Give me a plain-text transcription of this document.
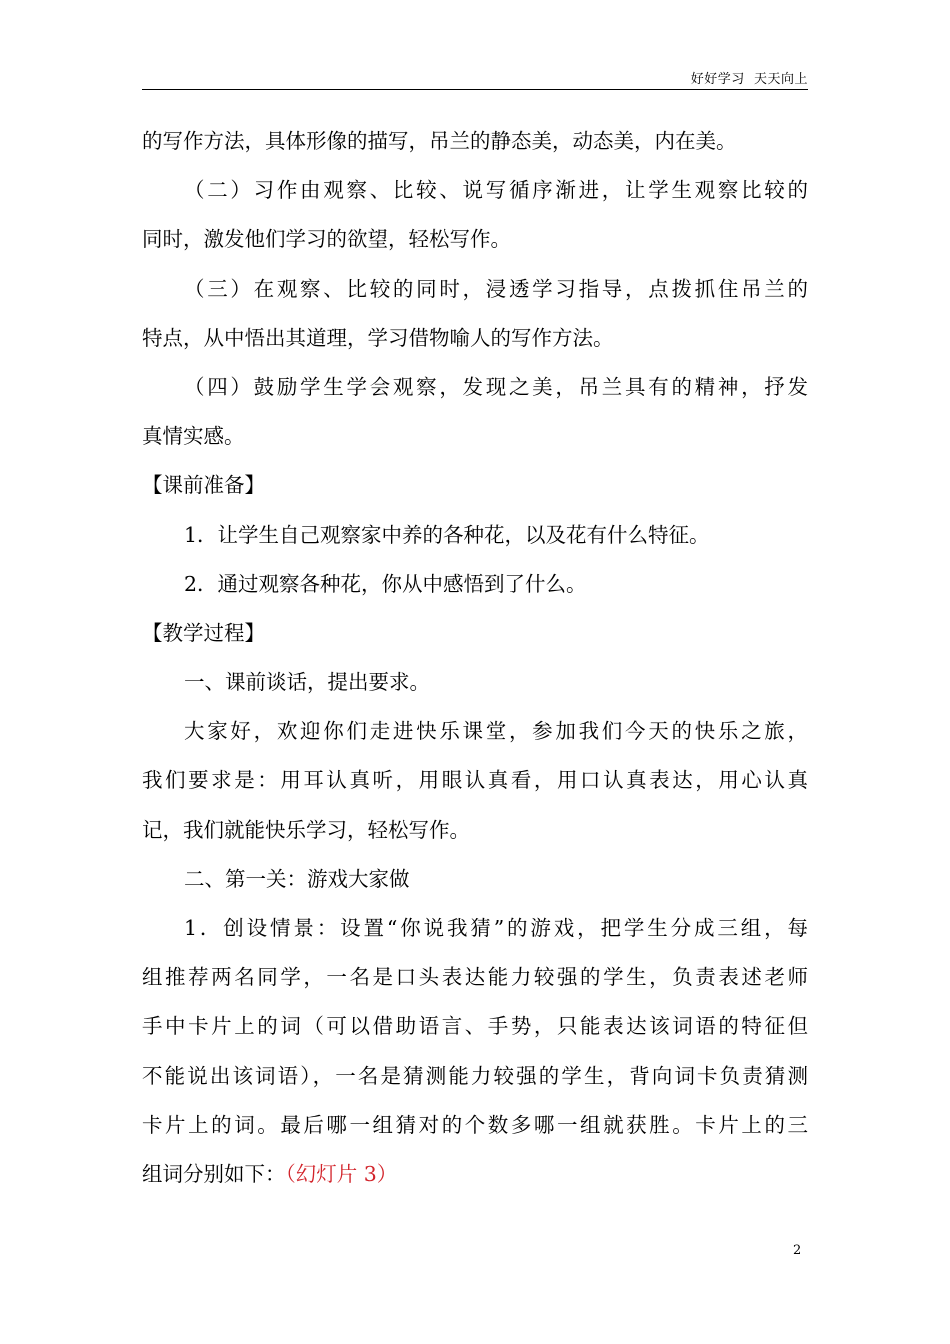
好好学习  天天向上
的写作方法，具体形像的描写，吊兰的静态美，动态美，内在美。
（二）习作由观察、比较、说写循序渐进，让学生观察比较的
同时，激发他们学习的欲望，轻松写作。
（三）在观察、比较的同时，浸透学习指导，点拨抓住吊兰的
特点，从中悟出其道理，学习借物喻人的写作方法。
（四）鼓励学生学会观察，发现之美，吊兰具有的精神，抒发
真情实感。
【课前准备】
1．让学生自己观察家中养的各种花，以及花有什么特征。
2．通过观察各种花，你从中感悟到了什么。
【教学过程】
一、课前谈话，提出要求。
大家好，欢迎你们走进快乐课堂，参加我们今天的快乐之旅，
我们要求是：用耳认真听，用眼认真看，用口认真表达，用心认真
记，我们就能快乐学习，轻松写作。
二、第一关：游戏大家做
1．创设情景：设置“你说我猜”的游戏，把学生分成三组，每
组推荐两名同学，一名是口头表达能力较强的学生，负责表述老师
手中卡片上的词（可以借助语言、手势，只能表达该词语的特征但
不能说出该词语），一名是猜测能力较强的学生，背向词卡负责猜测
卡片上的词。最后哪一组猜对的个数多哪一组就获胜。卡片上的三
组词分别如下：（幻灯片 3）
2
